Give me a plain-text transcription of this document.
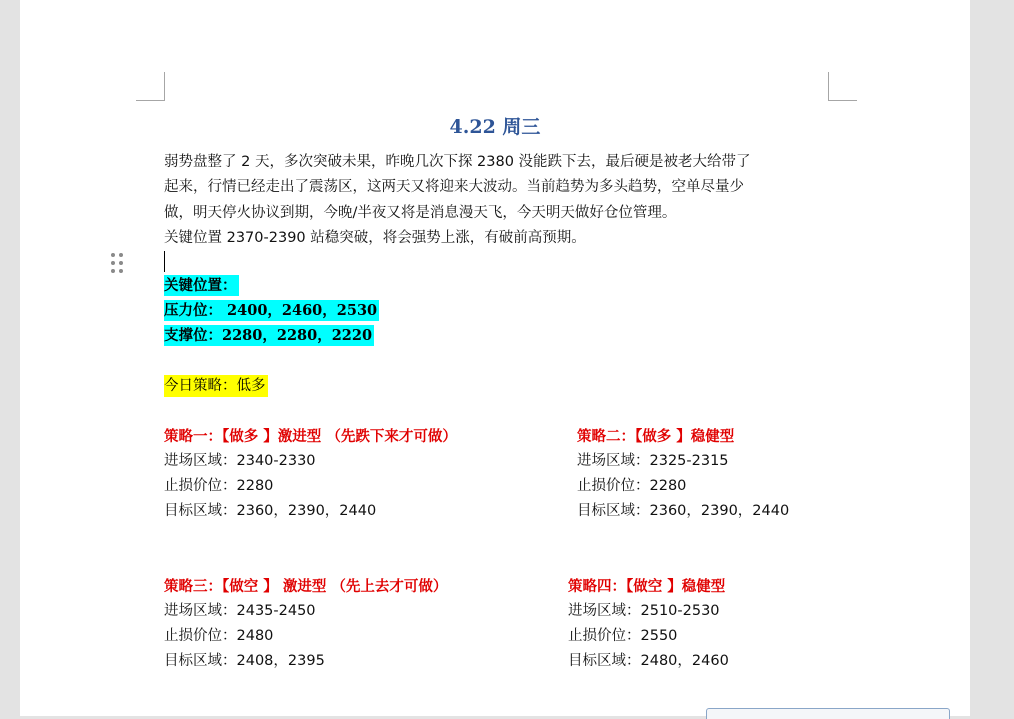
4.22 周三

弱势盘整了 2 天，多次突破未果，昨晚几次下探 2380 没能跌下去，最后硬是被老大给带了

起来，行情已经走出了震荡区，这两天又将迎来大波动。当前趋势为多头趋势，空单尽量少

做，明天停火协议到期，今晚/半夜又将是消息漫天飞，今天明天做好仓位管理。

关键位置 2370-2390 站稳突破，将会强势上涨，有破前高预期。

关键位置：
压力位： 2400，2460，2530
支撑位：2280，2280，2220
今日策略：低多
策略一：【做多 】激进型 （先跌下来才可做）
进场区域：2340-2330
止损价位：2280
目标区域：2360，2390，2440
策略二：【做多 】稳健型
进场区域：2325-2315
止损价位：2280
目标区域：2360，2390，2440
策略三：【做空 】 激进型 （先上去才可做）
进场区域：2435-2450
止损价位：2480
目标区域：2408，2395
策略四：【做空 】稳健型
进场区域：2510-2530
止损价位：2550
目标区域：2480，2460
